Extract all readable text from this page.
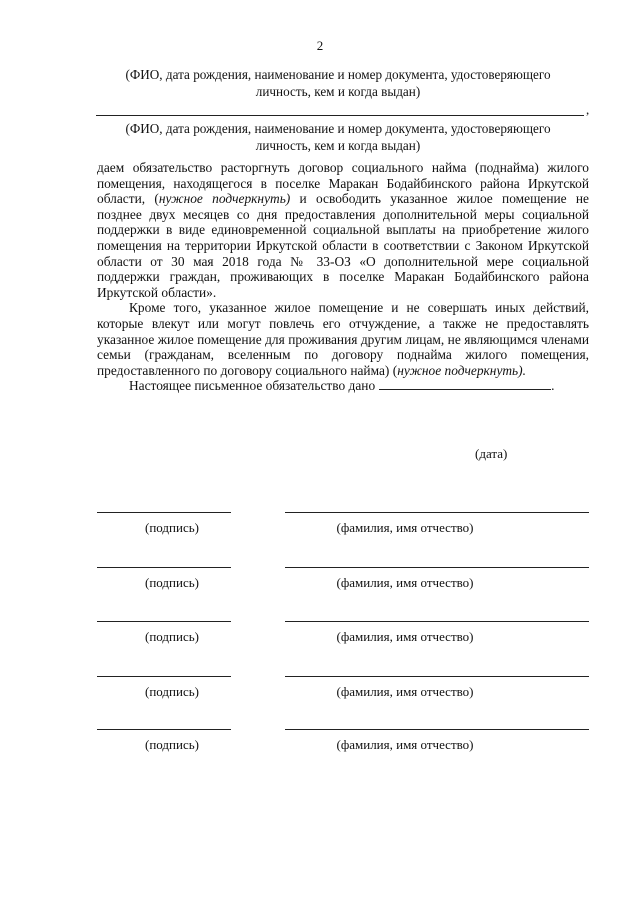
2
(ФИО, дата рождения, наименование и номер документа, удостоверяющего
личность, кем и когда выдан)
,
(ФИО, дата рождения, наименование и номер документа, удостоверяющего
личность, кем и когда выдан)

даем обязательство расторгнуть договор социального найма (поднайма) жилого помещения, находящегося в поселке Маракан Бодайбинского района Иркутской области, (нужное подчеркнуть) и освободить указанное жилое помещение не позднее двух месяцев со дня предоставления дополнительной меры социальной поддержки в виде единовременной социальной выплаты на приобретение жилого помещения на территории Иркутской области в соответствии с Законом Иркутской области от 30 мая 2018 года № 33-ОЗ «О дополнительной мере социальной поддержки граждан, проживающих в поселке Маракан Бодайбинского района Иркутской области».

Кроме того, указанное жилое помещение и не совершать иных действий, которые влекут или могут повлечь его отчуждение, а также не предоставлять указанное жилое помещение для проживания другим лицам, не являющимся членами семьи (гражданам, вселенным по договору поднайма жилого помещения, предоставленного по договору социального найма) (нужное подчеркнуть).

Настоящее письменное обязательство дано	.

(дата)
(подпись)	(фамилия, имя отчество)
(подпись)	(фамилия, имя отчество)
(подпись)	(фамилия, имя отчество)
(подпись)	(фамилия, имя отчество)
(подпись)	(фамилия, имя отчество)
